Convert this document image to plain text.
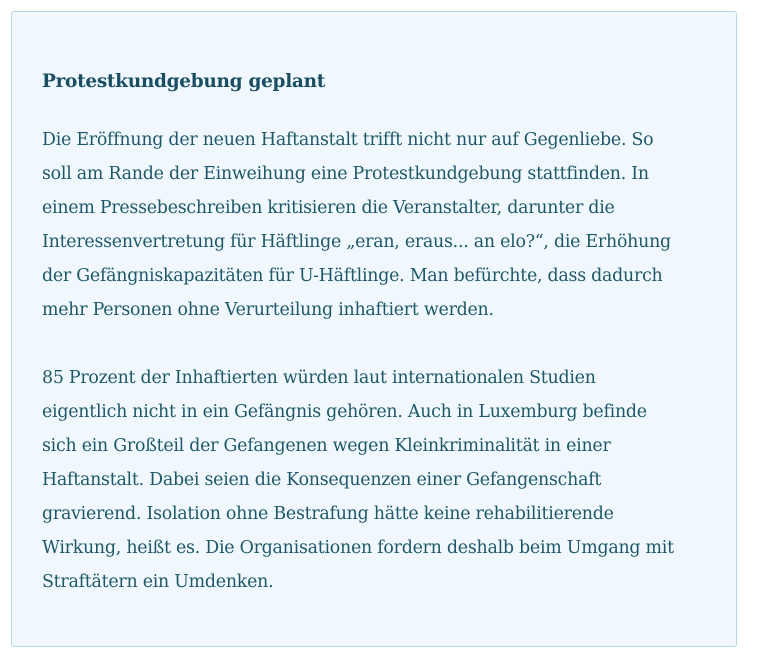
Protestkundgebung geplant

Die Eröffnung der neuen Haftanstalt trifft nicht nur auf Gegenliebe. So
soll am Rande der Einweihung eine Protestkundgebung stattfinden. In
einem Pressebeschreiben kritisieren die Veranstalter, darunter die
Interessenvertretung für Häftlinge „eran, eraus... an elo?“, die Erhöhung
der Gefängniskapazitäten für U-Häftlinge. Man befürchte, dass dadurch
mehr Personen ohne Verurteilung inhaftiert werden.

85 Prozent der Inhaftierten würden laut internationalen Studien
eigentlich nicht in ein Gefängnis gehören. Auch in Luxemburg befinde
sich ein Großteil der Gefangenen wegen Kleinkriminalität in einer
Haftanstalt. Dabei seien die Konsequenzen einer Gefangenschaft
gravierend. Isolation ohne Bestrafung hätte keine rehabilitierende
Wirkung, heißt es. Die Organisationen fordern deshalb beim Umgang mit
Straftätern ein Umdenken.
